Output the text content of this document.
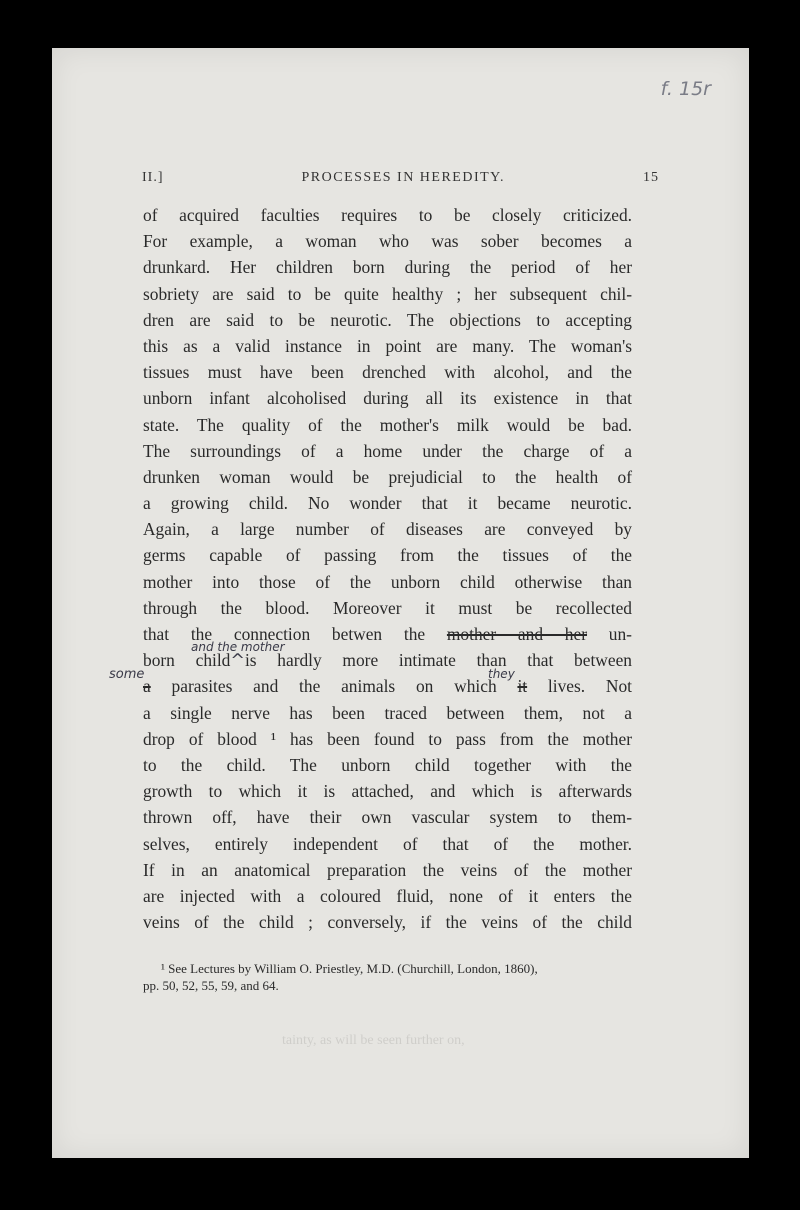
f. 15r
II.]	PROCESSES IN HEREDITY.	15
of acquired faculties requires to be closely criticized.
For example, a woman who was sober becomes a
drunkard. Her children born during the period of her
sobriety are said to be quite healthy ; her subsequent chil-
dren are said to be neurotic. The objections to accepting
this as a valid instance in point are many. The woman's
tissues must have been drenched with alcohol, and the
unborn infant alcoholised during all its existence in that
state. The quality of the mother's milk would be bad.
The surroundings of a home under the charge of a
drunken woman would be prejudicial to the health of
a growing child. No wonder that it became neurotic.
Again, a large number of diseases are conveyed by
germs capable of passing from the tissues of the
mother into those of the unborn child otherwise than
through the blood. Moreover it must be recollected
that the connection betwen the mother and her un-
and the mother
born child^is hardly more intimate than that between
some	they
a parasites and the animals on which it lives. Not
a single nerve has been traced between them, not a
drop of blood ¹ has been found to pass from the mother
to the child. The unborn child together with the
growth to which it is attached, and which is afterwards
thrown off, have their own vascular system to them-
selves, entirely independent of that of the mother.
If in an anatomical preparation the veins of the mother
are injected with a coloured fluid, none of it enters the
veins of the child ; conversely, if the veins of the child
¹ See Lectures by William O. Priestley, M.D. (Churchill, London, 1860),
pp. 50, 52, 55, 59, and 64.
tainty, as will be seen further on,
